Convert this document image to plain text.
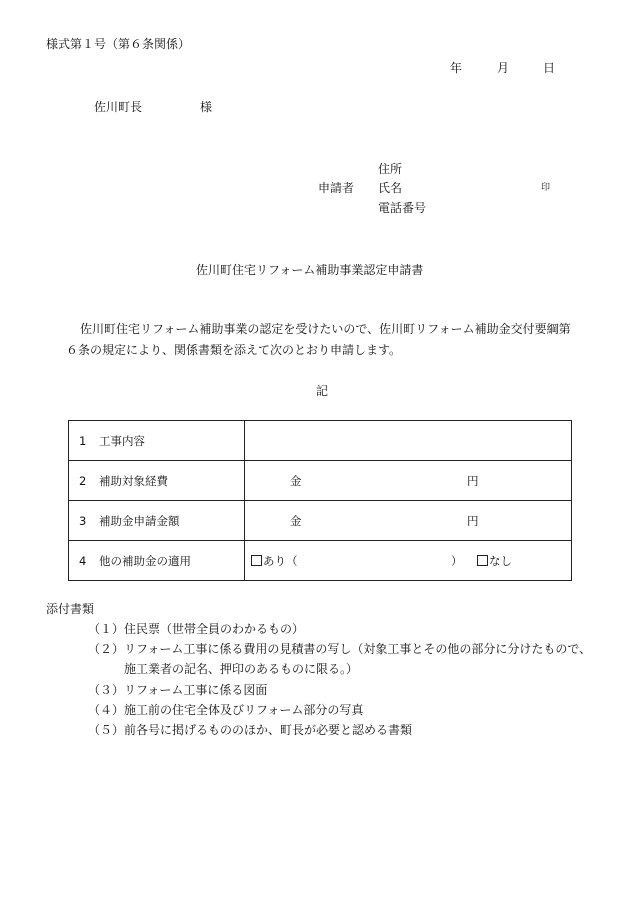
様式第１号（第６条関係）
年	月	日
佐川町長	様
住所
申請者 氏名	印
電話番号
佐川町住宅リフォーム補助事業認定申請書
佐川町住宅リフォーム補助事業の認定を受けたいので、佐川町リフォーム補助金交付要綱第
６条の規定により、関係書類を添えて次のとおり申請します。
記
1 工事内容	

2 補助対象経費	金 円

3 補助金申請金額	金 円

4 他の補助金の適用	あり（ ） なし
添付書類
（１） 住民票（世帯全員のわかるもの）
（２） リフォーム工事に係る費用の見積書の写し（対象工事とその他の部分に分けたもので、
施工業者の記名、押印のあるものに限る。）
（３） リフォーム工事に係る図面
（４） 施工前の住宅全体及びリフォーム部分の写真
（５） 前各号に掲げるもののほか、町長が必要と認める書類
